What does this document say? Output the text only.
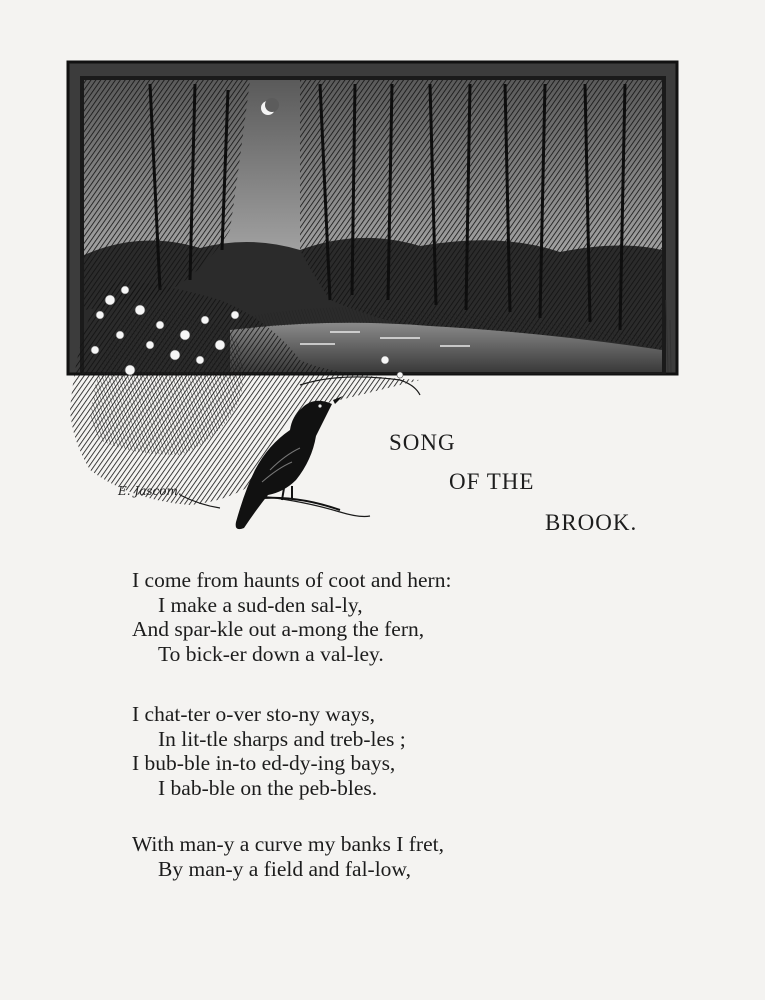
E. Jascom.
SONG
OF THE
BROOK.
I come from haunts of coot and hern:
I make a sud-den sal-ly,
And spar-kle out a-mong the fern,
To bick-er down a val-ley.
I chat-ter o-ver sto-ny ways,
In lit-tle sharps and treb-les ;
I bub-ble in-to ed-dy-ing bays,
I bab-ble on the peb-bles.
With man-y a curve my banks I fret,
By man-y a field and fal-low,
